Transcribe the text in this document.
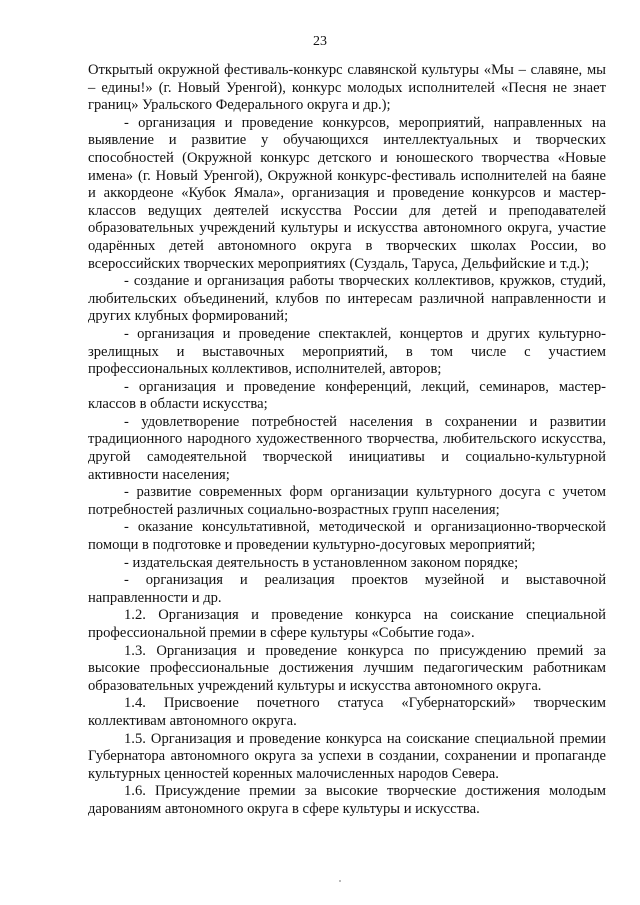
23

Открытый окружной фестиваль-конкурс славянской культуры «Мы – славяне, мы – едины!» (г. Новый Уренгой), конкурс молодых исполнителей «Песня не знает границ» Уральского Федерального округа и др.);

- организация и проведение конкурсов, мероприятий, направленных на выявление и развитие у обучающихся интеллектуальных и творческих способностей (Окружной конкурс детского и юношеского творчества «Новые имена» (г. Новый Уренгой), Окружной конкурс-фестиваль исполнителей на баяне и аккордеоне «Кубок Ямала», организация и проведение конкурсов и мастер-классов ведущих деятелей искусства России для детей и преподавателей образовательных учреждений культуры и искусства автономного округа, участие одарённых детей автономного округа в творческих школах России, во всероссийских творческих мероприятиях (Суздаль, Таруса, Дельфийские и т.д.);

- создание и организация работы творческих коллективов, кружков, студий, любительских объединений, клубов по интересам различной направленности и других клубных формирований;

- организация и проведение спектаклей, концертов и других культурно-зрелищных и выставочных мероприятий, в том числе с участием профессиональных коллективов, исполнителей, авторов;

- организация и проведение конференций, лекций, семинаров, мастер-классов в области искусства;

- удовлетворение потребностей населения в сохранении и развитии традиционного народного художественного творчества, любительского искусства, другой самодеятельной творческой инициативы и социально-культурной активности населения;

- развитие современных форм организации культурного досуга с учетом потребностей различных социально-возрастных групп населения;

- оказание консультативной, методической и организационно-творческой помощи в подготовке и проведении культурно-досуговых мероприятий;

- издательская деятельность в установленном законом порядке;

- организация и реализация проектов музейной и выставочной направленности и др.

1.2. Организация и проведение конкурса на соискание специальной профессиональной премии в сфере культуры «Событие года».

1.3. Организация и проведение конкурса по присуждению премий за высокие профессиональные достижения лучшим педагогическим работникам образовательных учреждений культуры и искусства автономного округа.

1.4. Присвоение почетного статуса «Губернаторский» творческим коллективам автономного округа.

1.5. Организация и проведение конкурса на соискание специальной премии Губернатора автономного округа за успехи в создании, сохранении и пропаганде культурных ценностей коренных малочисленных народов Севера.

1.6. Присуждение премии за высокие творческие достижения молодым дарованиям автономного округа в сфере культуры и искусства.
